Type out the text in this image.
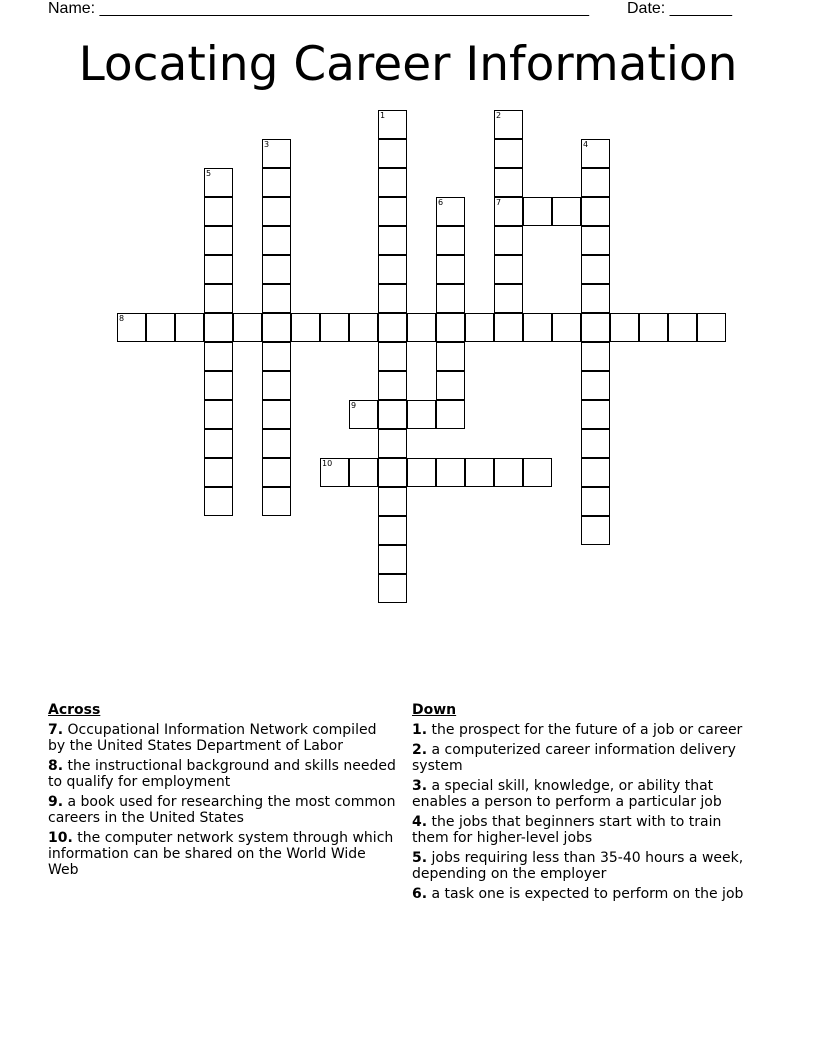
Name: _______________________________________________________ Date: _______
Locating Career Information
1	2
7
3	4
5
6
8
9
10
Across
7. Occupational Information Network compiled by the United States Department of Labor
8. the instructional background and skills needed to qualify for employment
9. a book used for researching the most common careers in the United States
10. the computer network system through which information can be shared on the World Wide Web
Down
1. the prospect for the future of a job or career
2. a computerized career information delivery system
3. a special skill, knowledge, or ability that enables a person to perform a particular job
4. the jobs that beginners start with to train them for higher-level jobs
5. jobs requiring less than 35-40 hours a week, depending on the employer
6. a task one is expected to perform on the job
